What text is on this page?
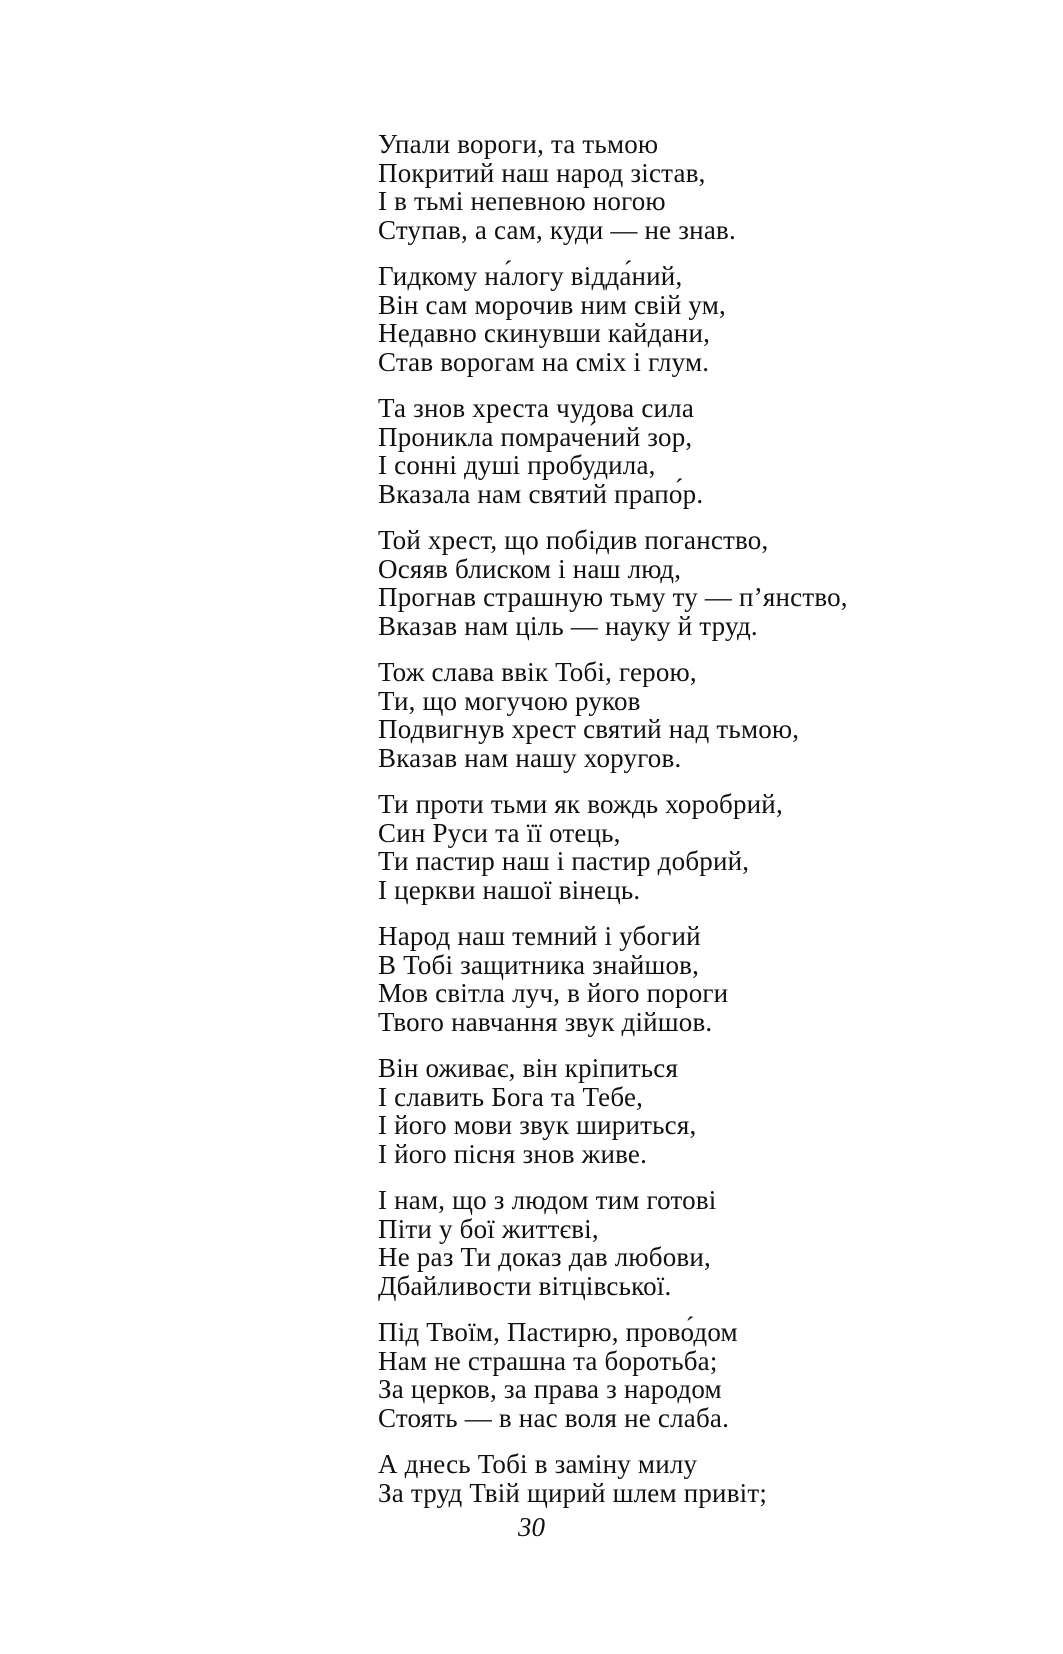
Упали вороги, та тьмою
Покритий наш народ зістав,
І в тьмі непевною ногою
Ступав, а сам, куди — не знав.
Гидкому на́логу відда́ний,
Він сам морочив ним свій ум,
Недавно скинувши кайдани,
Став ворогам на сміх і глум.
Та знов хреста чудова сила
Проникла помраче́ний зор,
І сонні душі пробудила,
Вказала нам святий прапо́р.
Той хрест, що побідив поганство,
Осяяв блиском і наш люд,
Прогнав страшную тьму ту — п’янство,
Вказав нам ціль — науку й труд.
Тож слава ввік Тобі, герою,
Ти, що могучою руков
Подвигнув хрест святий над тьмою,
Вказав нам нашу хоругов.
Ти проти тьми як вождь хоробрий,
Син Руси та її отець,
Ти пастир наш і пастир добрий,
І церкви нашої вінець.
Народ наш темний і убогий
В Тобі защитника знайшов,
Мов світла луч, в його пороги
Твого навчання звук дійшов.
Він оживає, він кріпиться
І славить Бога та Тебе,
І його мови звук шириться,
І його пісня знов живе.
І нам, що з людом тим готові
Піти у бої життєві,
Не раз Ти доказ дав любови,
Дбайливости вітцівської.
Під Твоїм, Пастирю, прово́дом
Нам не страшна та боротьба;
За церков, за права з народом
Стоять — в нас воля не слаба.
А днесь Тобі в заміну милу
За труд Твій щирий шлем привіт;
30
